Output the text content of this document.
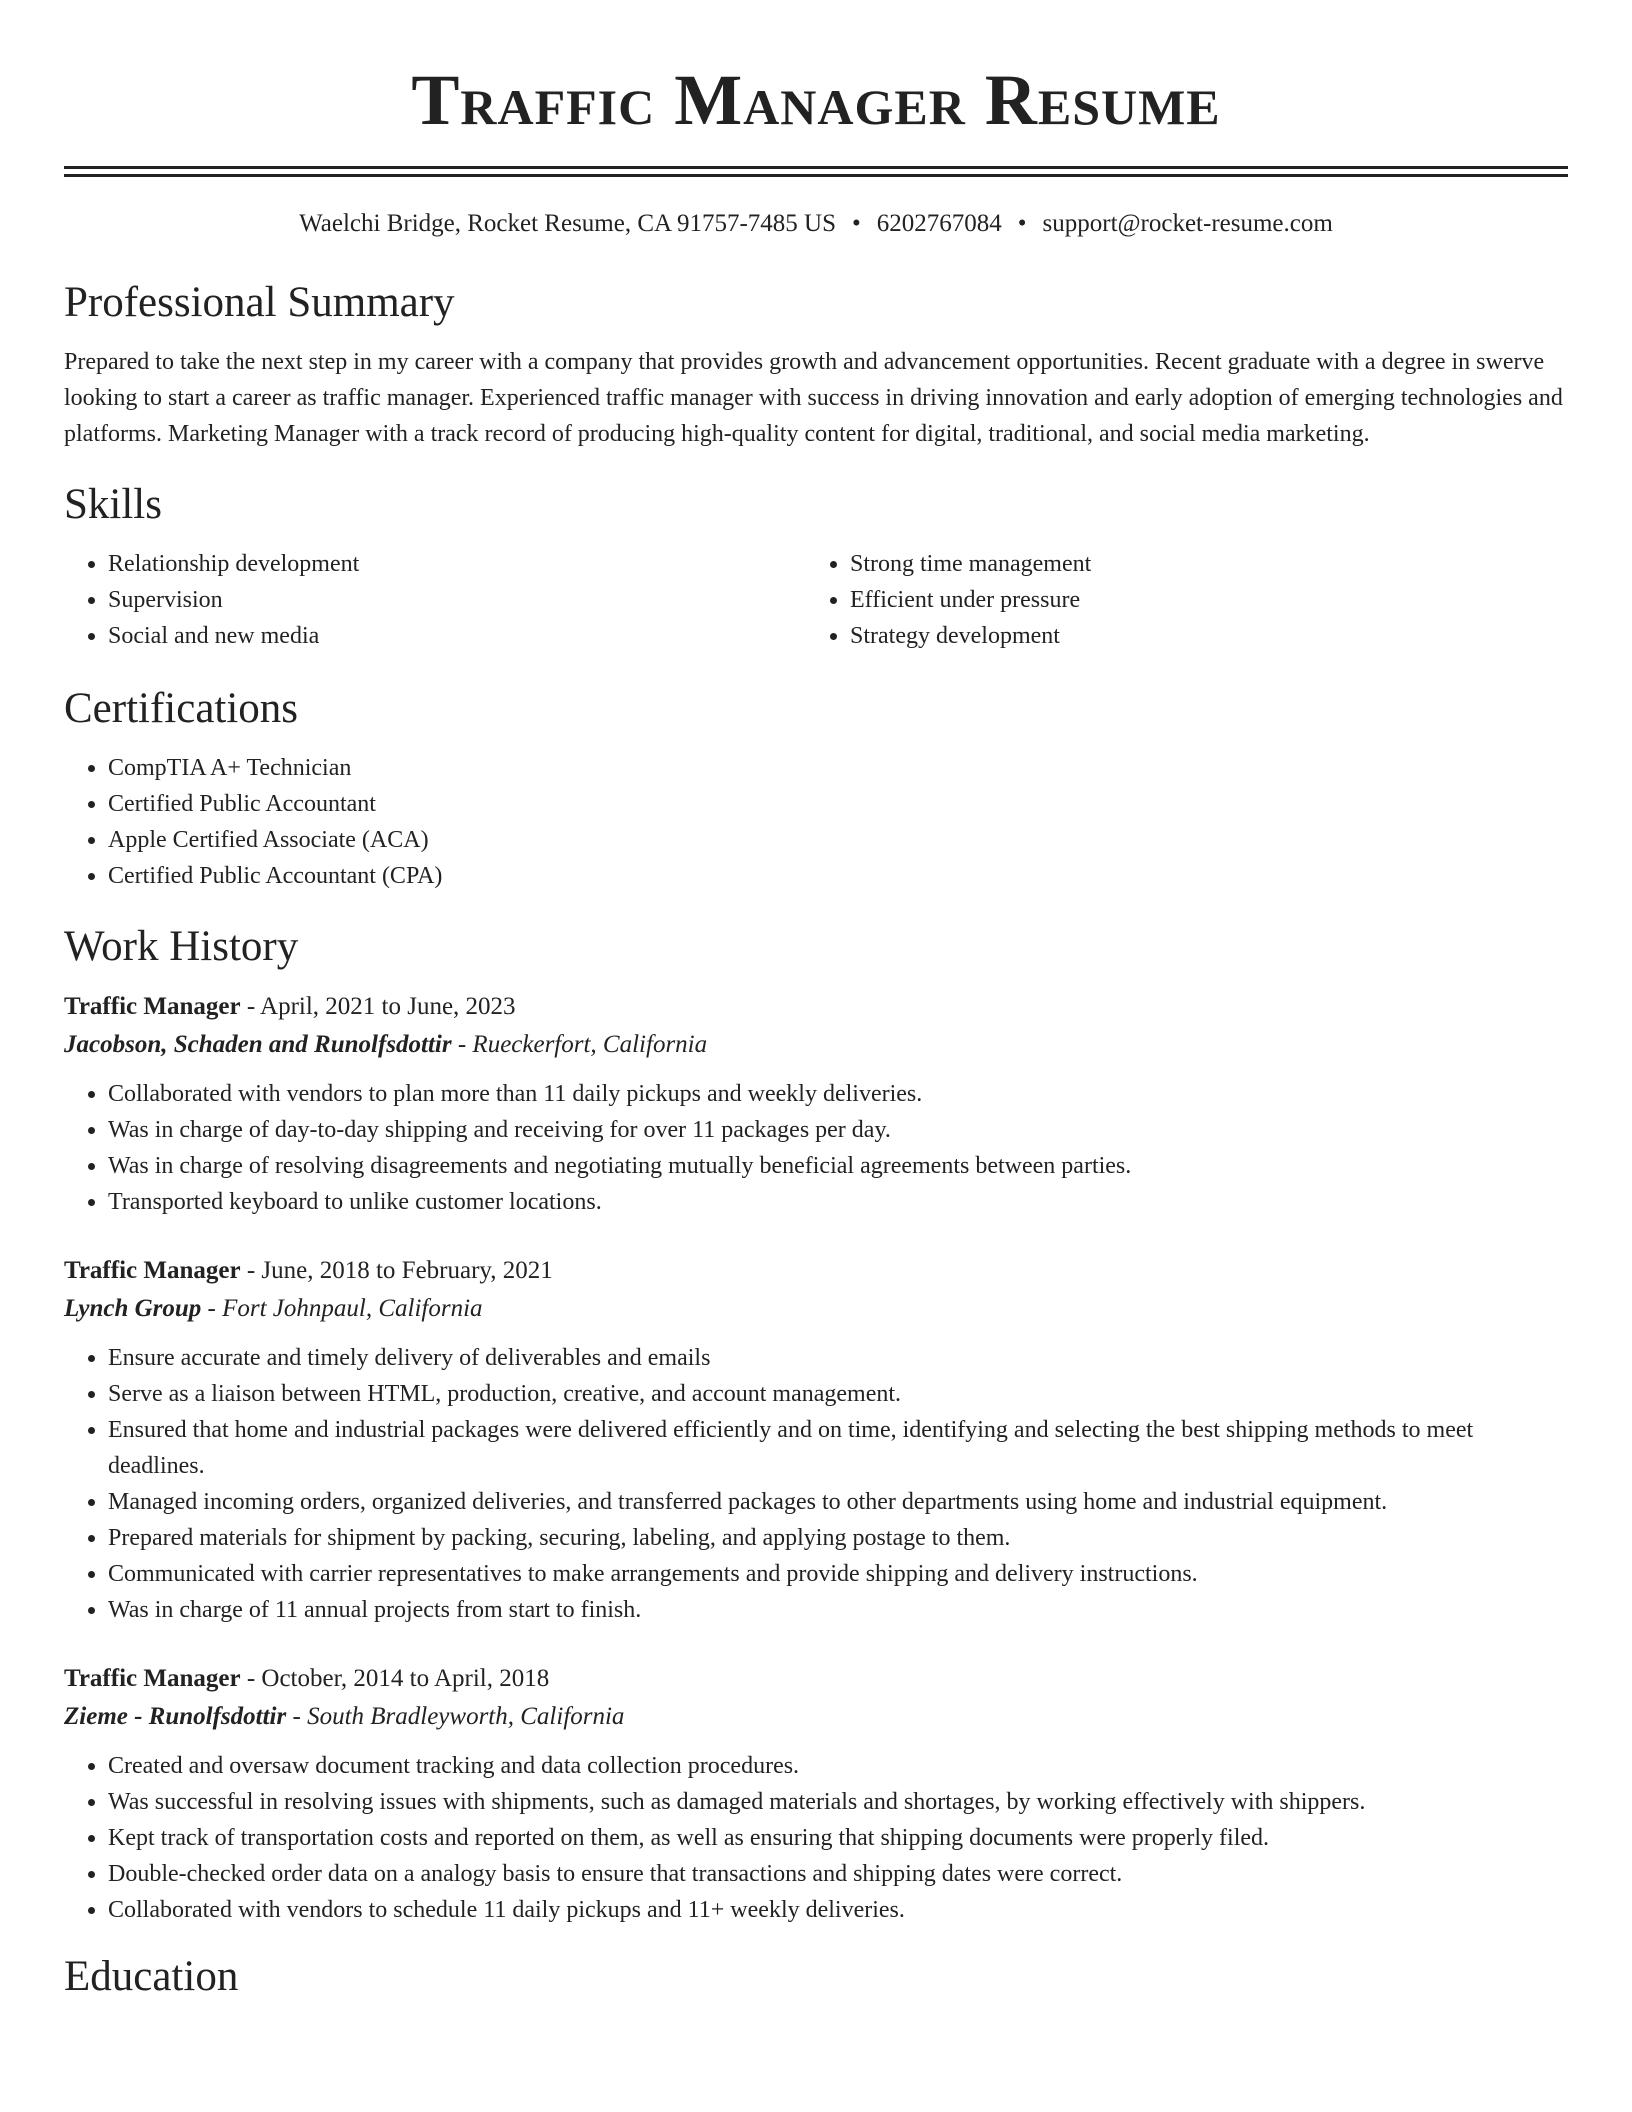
Traffic Manager Resume
Waelchi Bridge, Rocket Resume, CA 91757-7485 US • 6202767084 • support@rocket-resume.com
Professional Summary

Prepared to take the next step in my career with a company that provides growth and advancement opportunities. Recent graduate with a degree in swerve looking to start a career as traffic manager. Experienced traffic manager with success in driving innovation and early adoption of emerging technologies and platforms. Marketing Manager with a track record of producing high-quality content for digital, traditional, and social media marketing.

Skills
• Relationship development
• Supervision
• Social and new media
• Strong time management
• Efficient under pressure
• Strategy development
Certifications
• CompTIA A+ Technician
• Certified Public Accountant
• Apple Certified Associate (ACA)
• Certified Public Accountant (CPA)
Work History
Traffic Manager - April, 2021 to June, 2023
Jacobson, Schaden and Runolfsdottir - Rueckerfort, California
• Collaborated with vendors to plan more than 11 daily pickups and weekly deliveries.
• Was in charge of day-to-day shipping and receiving for over 11 packages per day.
• Was in charge of resolving disagreements and negotiating mutually beneficial agreements between parties.
• Transported keyboard to unlike customer locations.
Traffic Manager - June, 2018 to February, 2021
Lynch Group - Fort Johnpaul, California
• Ensure accurate and timely delivery of deliverables and emails
• Serve as a liaison between HTML, production, creative, and account management.
• Ensured that home and industrial packages were delivered efficiently and on time, identifying and selecting the best shipping methods to meet deadlines.
• Managed incoming orders, organized deliveries, and transferred packages to other departments using home and industrial equipment.
• Prepared materials for shipment by packing, securing, labeling, and applying postage to them.
• Communicated with carrier representatives to make arrangements and provide shipping and delivery instructions.
• Was in charge of 11 annual projects from start to finish.
Traffic Manager - October, 2014 to April, 2018
Zieme - Runolfsdottir - South Bradleyworth, California
• Created and oversaw document tracking and data collection procedures.
• Was successful in resolving issues with shipments, such as damaged materials and shortages, by working effectively with shippers.
• Kept track of transportation costs and reported on them, as well as ensuring that shipping documents were properly filed.
• Double-checked order data on a analogy basis to ensure that transactions and shipping dates were correct.
• Collaborated with vendors to schedule 11 daily pickups and 11+ weekly deliveries.
Education
